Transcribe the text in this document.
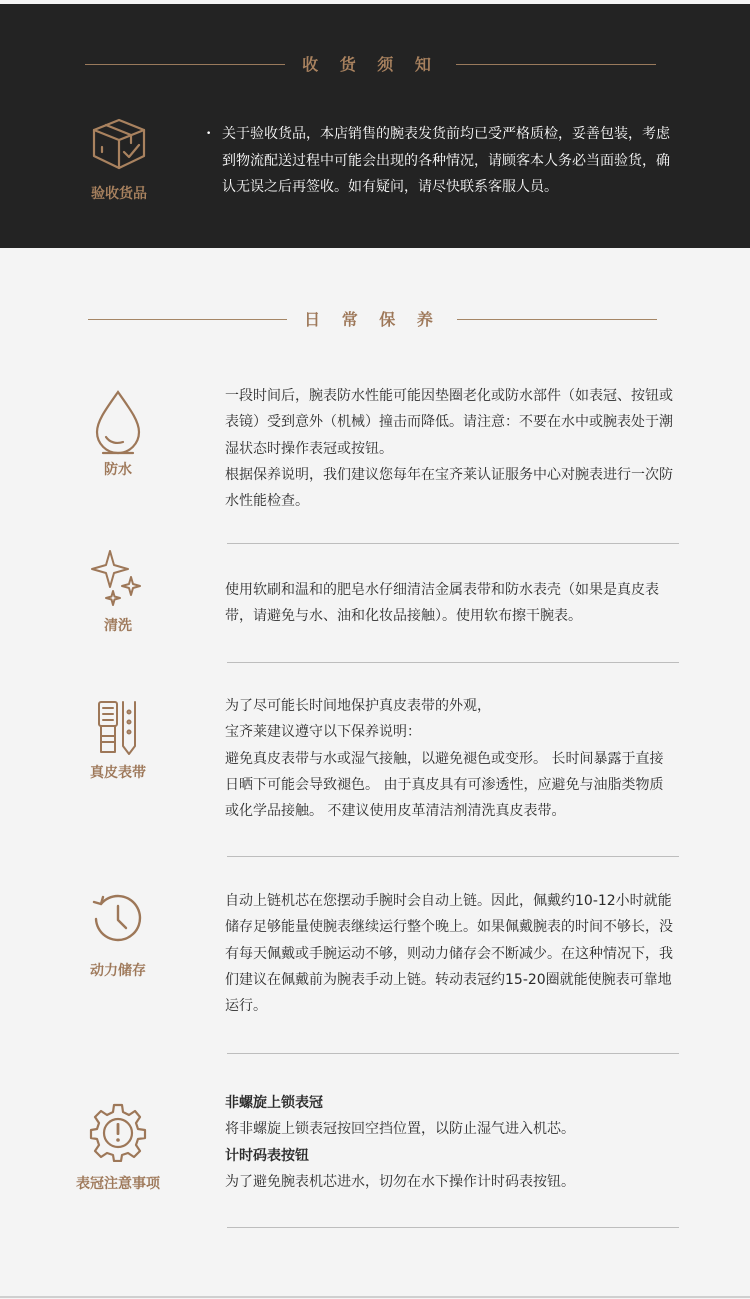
收 货 须 知
验收货品
• 关于验收货品，本店销售的腕表发货前均已受严格质检，妥善包装，考虑到物流配送过程中可能会出现的各种情况，请顾客本人务必当面验货，确认无误之后再签收。如有疑问，请尽快联系客服人员。
日 常 保 养
防水

一段时间后，腕表防水性能可能因垫圈老化或防水部件（如表冠、按钮或表镜）受到意外（机械）撞击而降低。请注意：不要在水中或腕表处于潮湿状态时操作表冠或按钮。

根据保养说明，我们建议您每年在宝齐莱认证服务中心对腕表进行一次防水性能检查。

清洗

使用软刷和温和的肥皂水仔细清洁金属表带和防水表壳（如果是真皮表带，请避免与水、油和化妆品接触）。使用软布擦干腕表。

真皮表带

为了尽可能长时间地保护真皮表带的外观，

宝齐莱建议遵守以下保养说明：

避免真皮表带与水或湿气接触，以避免褪色或变形。 长时间暴露于直接日晒下可能会导致褪色。 由于真皮具有可渗透性，应避免与油脂类物质或化学品接触。 不建议使用皮革清洁剂清洗真皮表带。

动力储存

自动上链机芯在您摆动手腕时会自动上链。因此，佩戴约10-12小时就能储存足够能量使腕表继续运行整个晚上。如果佩戴腕表的时间不够长，没有每天佩戴或手腕运动不够，则动力储存会不断减少。在这种情况下，我们建议在佩戴前为腕表手动上链。转动表冠约15-20圈就能使腕表可靠地运行。

表冠注意事项

非螺旋上锁表冠

将非螺旋上锁表冠按回空挡位置，以防止湿气进入机芯。

计时码表按钮

为了避免腕表机芯进水，切勿在水下操作计时码表按钮。
